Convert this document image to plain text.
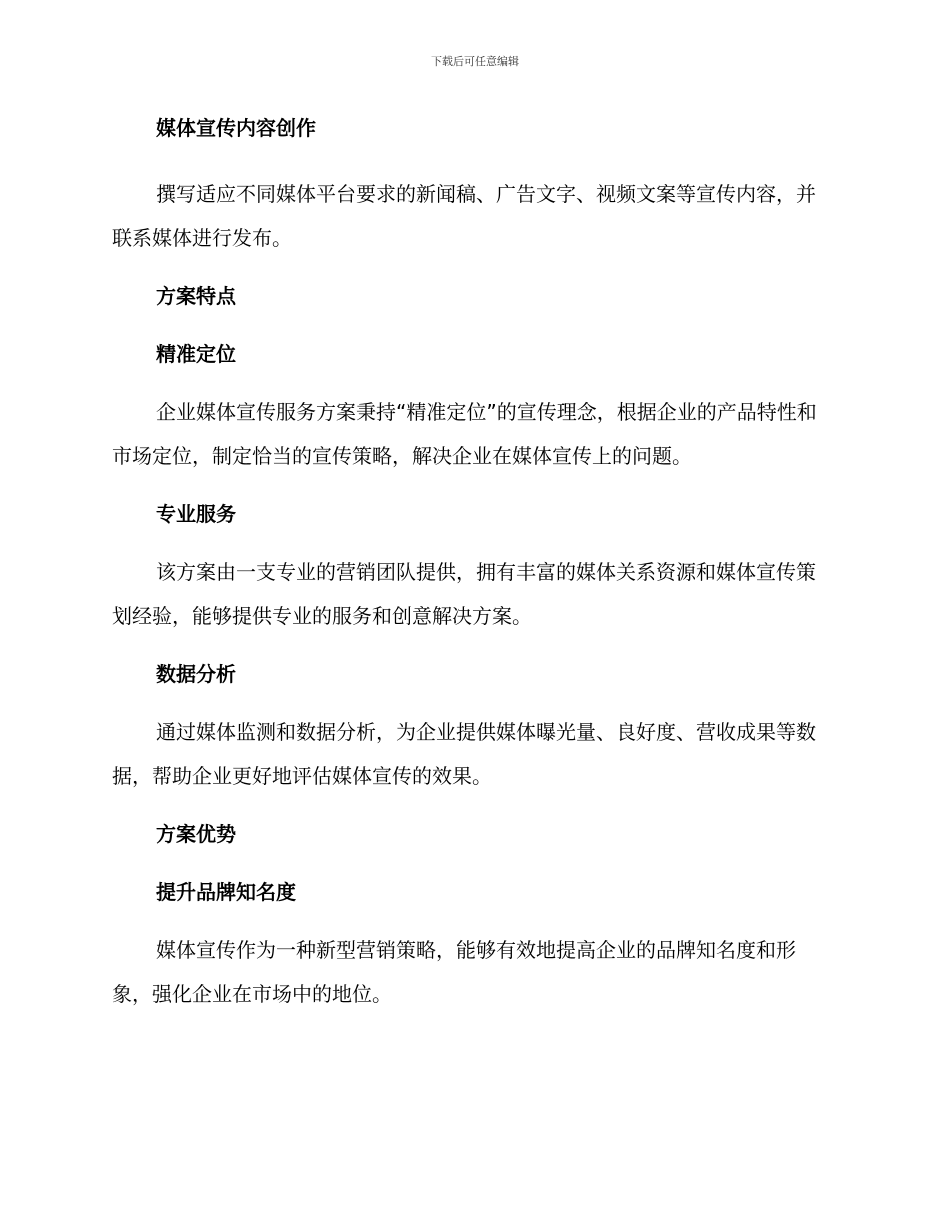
下载后可任意编辑

媒体宣传内容创作

撰写适应不同媒体平台要求的新闻稿、广告文字、视频文案等宣传内容，并联系媒体进行发布。

方案特点

精准定位

企业媒体宣传服务方案秉持“精准定位”的宣传理念，根据企业的产品特性和市场定位，制定恰当的宣传策略，解决企业在媒体宣传上的问题。

专业服务

该方案由一支专业的营销团队提供，拥有丰富的媒体关系资源和媒体宣传策划经验，能够提供专业的服务和创意解决方案。

数据分析

通过媒体监测和数据分析，为企业提供媒体曝光量、良好度、营收成果等数据，帮助企业更好地评估媒体宣传的效果。

方案优势

提升品牌知名度

媒体宣传作为一种新型营销策略，能够有效地提高企业的品牌知名度和形象，强化企业在市场中的地位。
